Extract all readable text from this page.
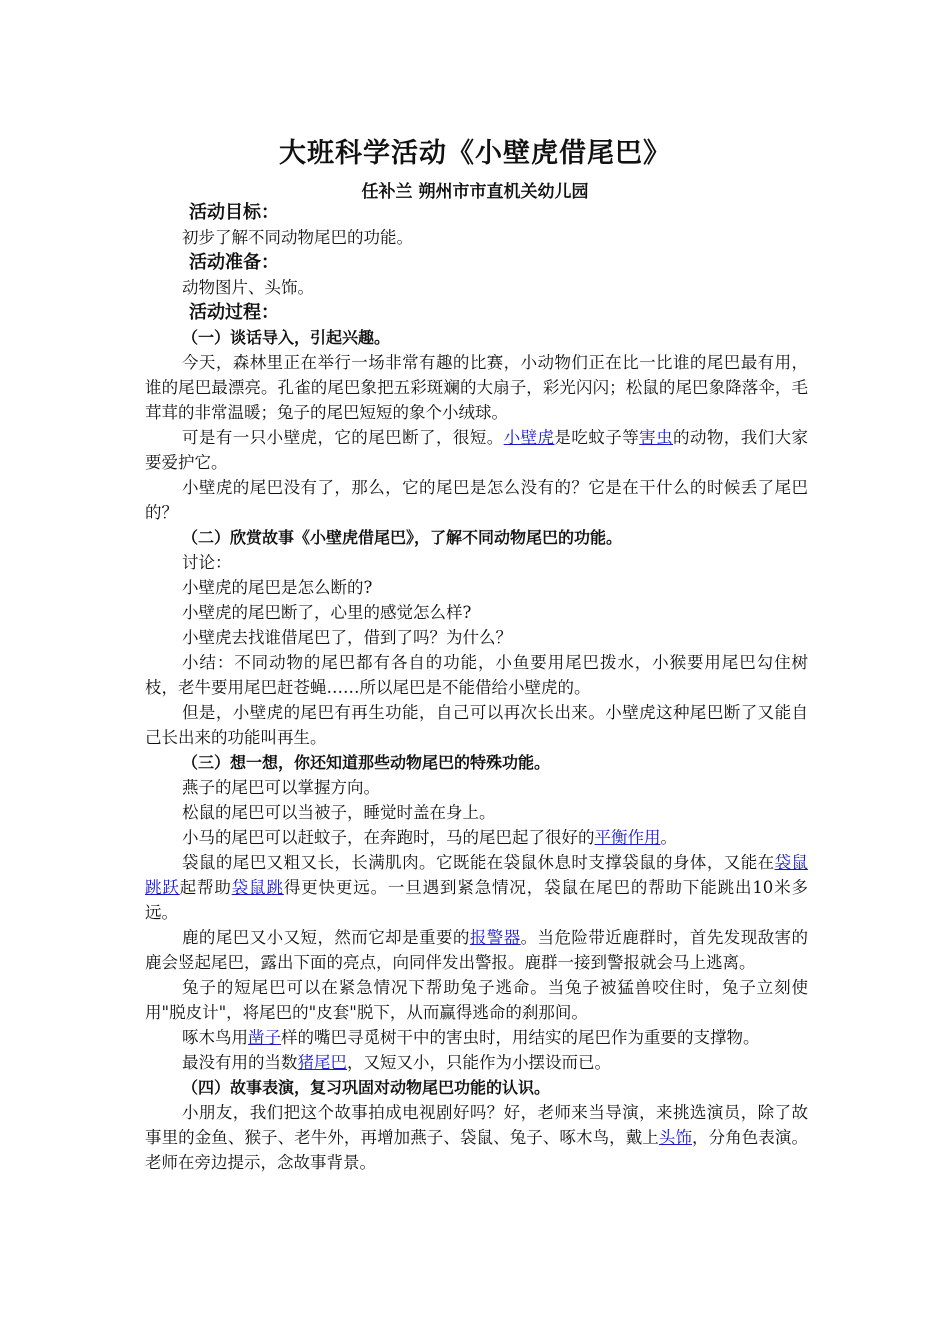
大班科学活动《小壁虎借尾巴》
任补兰 朔州市市直机关幼儿园
活动目标：
初步了解不同动物尾巴的功能。
活动准备：
动物图片、头饰。
活动过程：
（一）谈话导入，引起兴趣。

今天，森林里正在举行一场非常有趣的比赛，小动物们正在比一比谁的尾巴最有用，谁的尾巴最漂亮。孔雀的尾巴象把五彩斑斓的大扇子，彩光闪闪；松鼠的尾巴象降落伞，毛茸茸的非常温暖；兔子的尾巴短短的象个小绒球。

可是有一只小壁虎，它的尾巴断了，很短。小壁虎是吃蚊子等害虫的动物，我们大家要爱护它。

小壁虎的尾巴没有了，那么，它的尾巴是怎么没有的？它是在干什么的时候丢了尾巴的？

（二）欣赏故事《小壁虎借尾巴》，了解不同动物尾巴的功能。

讨论：

小壁虎的尾巴是怎么断的?

小壁虎的尾巴断了，心里的感觉怎么样?

小壁虎去找谁借尾巴了，借到了吗？为什么？

小结：不同动物的尾巴都有各自的功能，小鱼要用尾巴拨水，小猴要用尾巴勾住树枝，老牛要用尾巴赶苍蝇……所以尾巴是不能借给小壁虎的。

但是，小壁虎的尾巴有再生功能，自己可以再次长出来。小壁虎这种尾巴断了又能自己长出来的功能叫再生。

（三）想一想，你还知道那些动物尾巴的特殊功能。

燕子的尾巴可以掌握方向。

松鼠的尾巴可以当被子，睡觉时盖在身上。

小马的尾巴可以赶蚊子，在奔跑时，马的尾巴起了很好的平衡作用。

袋鼠的尾巴又粗又长，长满肌肉。它既能在袋鼠休息时支撑袋鼠的身体，又能在袋鼠跳跃起帮助袋鼠跳得更快更远。一旦遇到紧急情况，袋鼠在尾巴的帮助下能跳出10米多远。

鹿的尾巴又小又短，然而它却是重要的报警器。当危险带近鹿群时，首先发现敌害的鹿会竖起尾巴，露出下面的亮点，向同伴发出警报。鹿群一接到警报就会马上逃离。

兔子的短尾巴可以在紧急情况下帮助兔子逃命。当兔子被猛兽咬住时，兔子立刻使用"脱皮计"，将尾巴的"皮套"脱下，从而赢得逃命的刹那间。

啄木鸟用凿子样的嘴巴寻觅树干中的害虫时，用结实的尾巴作为重要的支撑物。

最没有用的当数猪尾巴，又短又小，只能作为小摆设而已。

（四）故事表演，复习巩固对动物尾巴功能的认识。

小朋友，我们把这个故事拍成电视剧好吗？好，老师来当导演，来挑选演员，除了故事里的金鱼、猴子、老牛外，再增加燕子、袋鼠、兔子、啄木鸟，戴上头饰，分角色表演。老师在旁边提示，念故事背景。
